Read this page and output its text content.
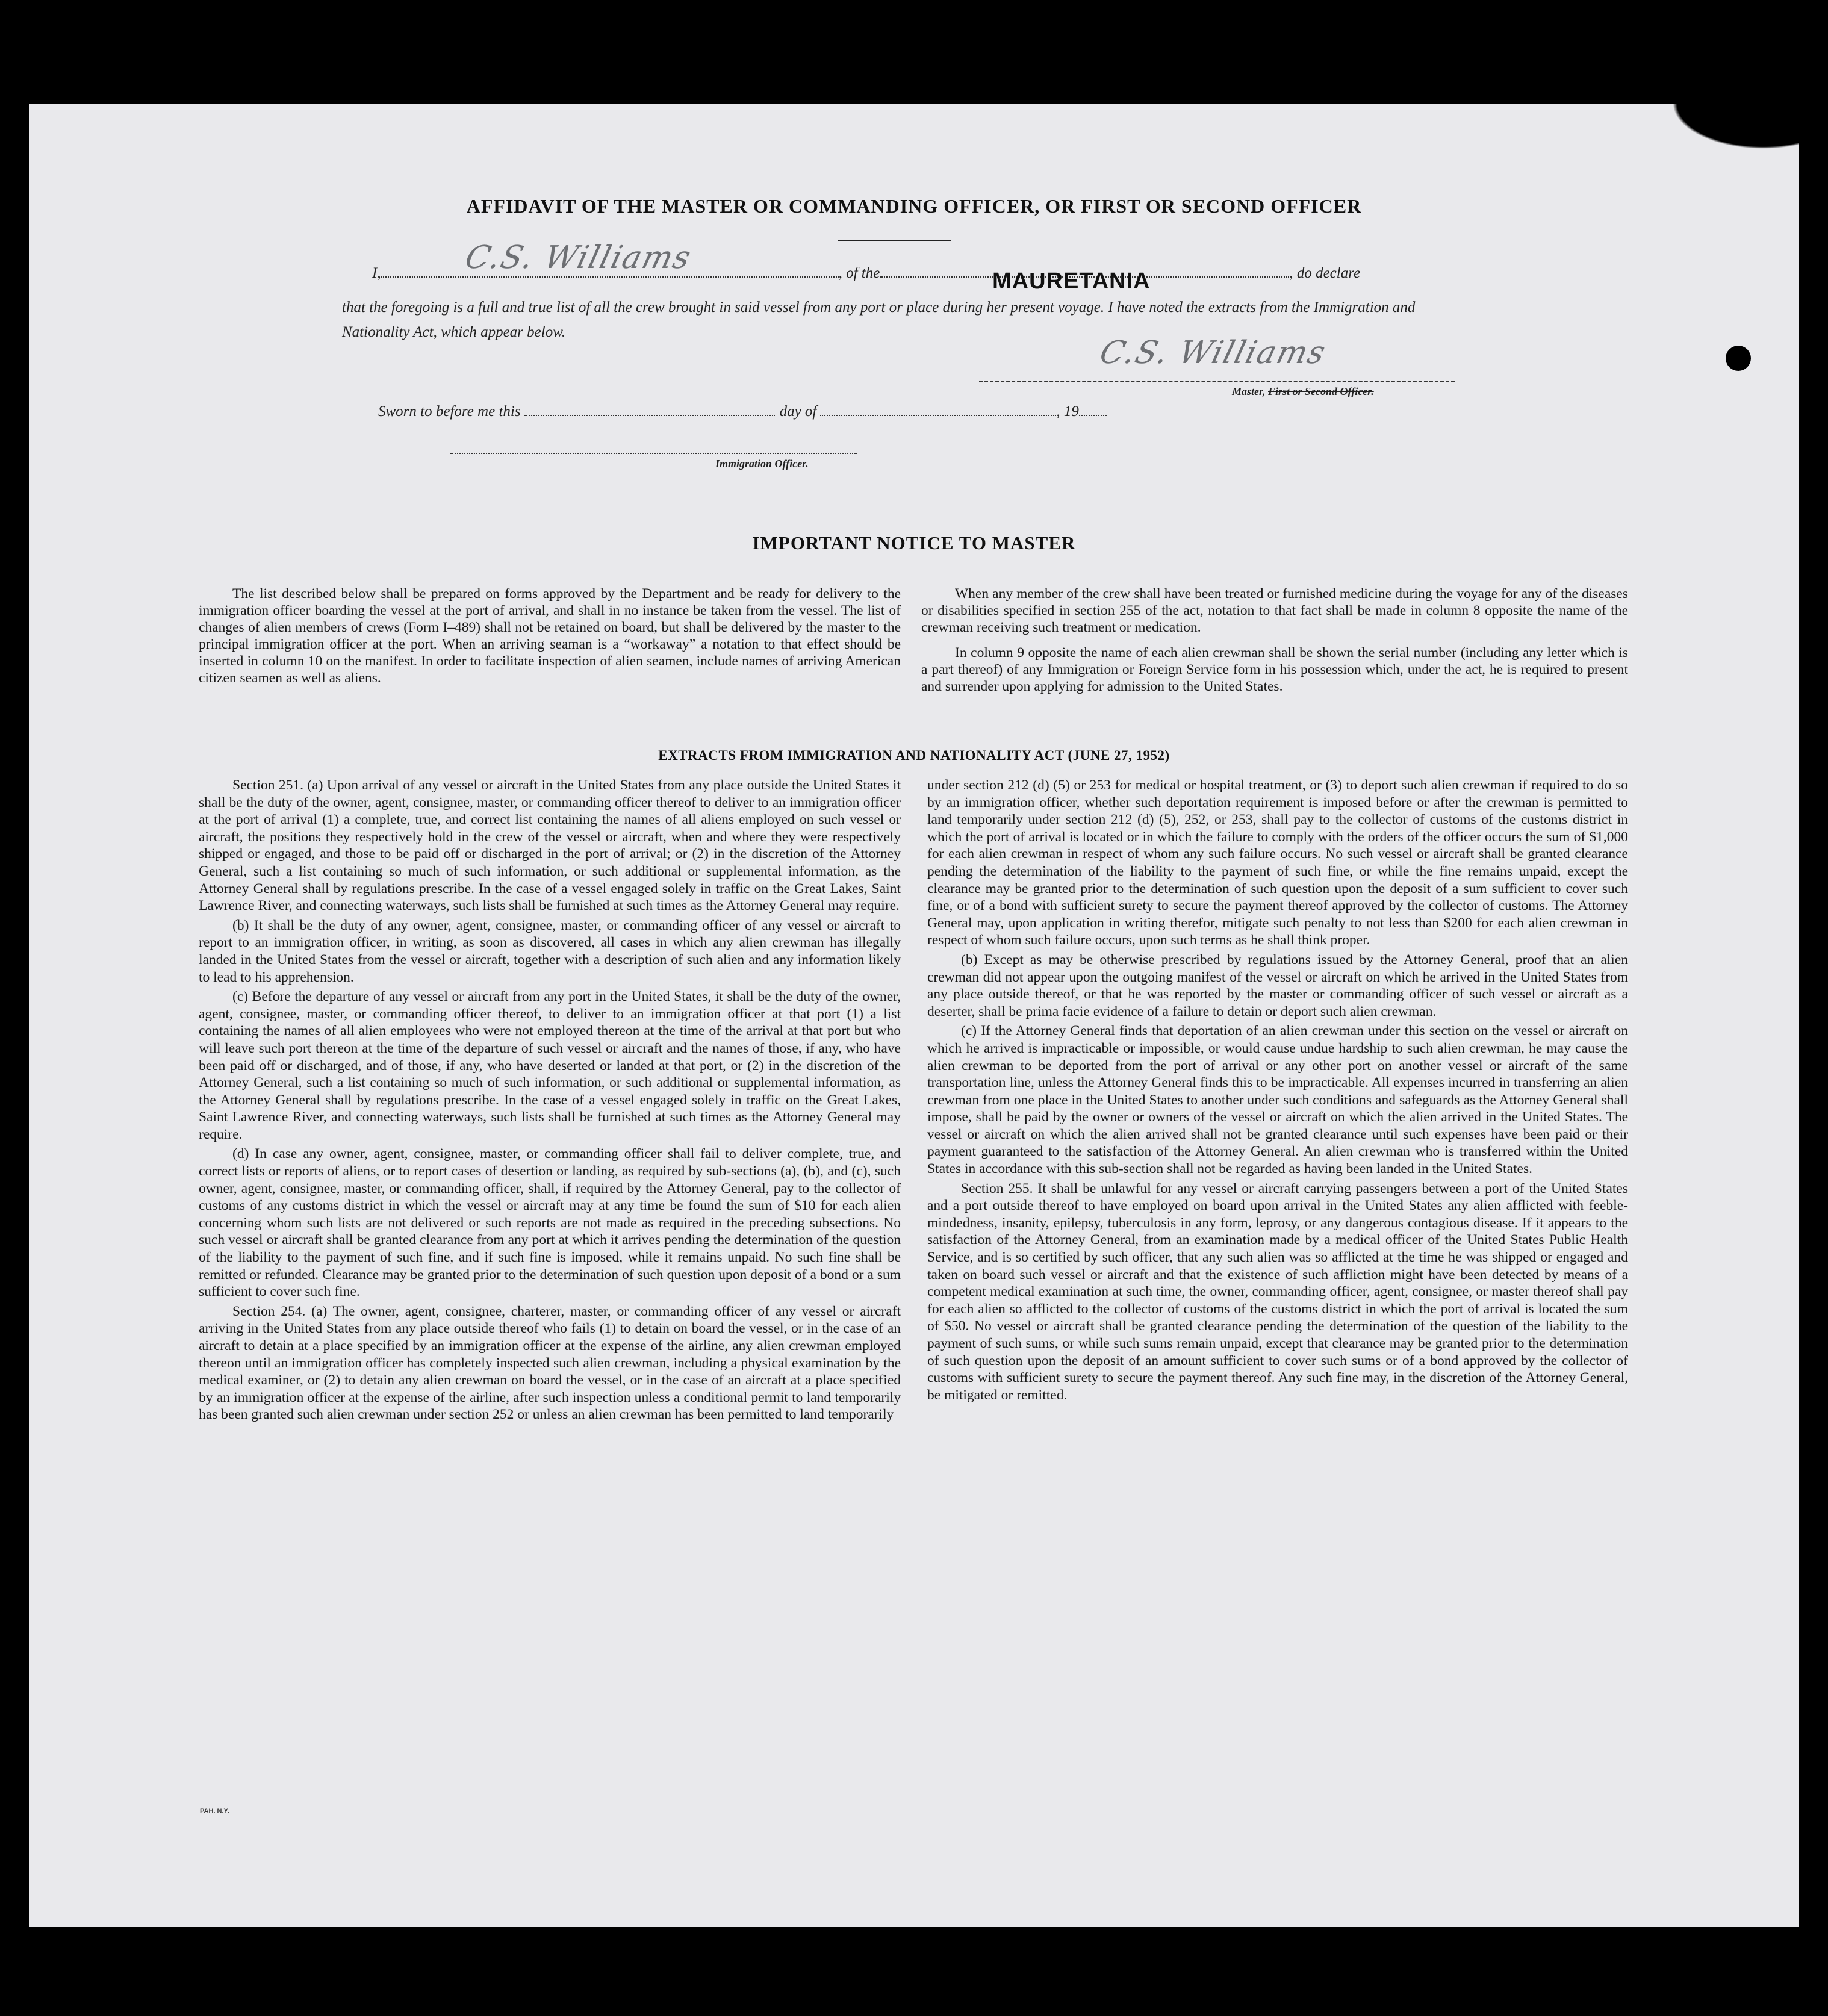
AFFIDAVIT OF THE MASTER OR COMMANDING OFFICER, OR FIRST OR SECOND OFFICER
I,	, of the	, do declare
C.S. Williams
MAURETANIA
that the foregoing is a full and true list of all the crew brought in said vessel from any port or place during her present voyage. I have noted the extracts from the Immigration and Nationality Act, which appear below.
C.S. Williams
Master, First or Second Officer.
Sworn to before me this	day of	, 19
Immigration Officer.
IMPORTANT NOTICE TO MASTER

The list described below shall be prepared on forms approved by the Department and be ready for delivery to the immigration officer boarding the vessel at the port of arrival, and shall in no instance be taken from the vessel. The list of changes of alien members of crews (Form I–489) shall not be retained on board, but shall be delivered by the master to the principal immigration officer at the port. When an arriving seaman is a “workaway” a notation to that effect should be inserted in column 10 on the manifest. In order to facilitate inspection of alien seamen, include names of arriving American citizen seamen as well as aliens.

When any member of the crew shall have been treated or furnished medicine during the voyage for any of the diseases or disabilities specified in section 255 of the act, notation to that fact shall be made in column 8 opposite the name of the crewman receiving such treatment or medication.

In column 9 opposite the name of each alien crewman shall be shown the serial number (including any letter which is a part thereof) of any Immigration or Foreign Service form in his possession which, under the act, he is required to present and surrender upon applying for admission to the United States.

EXTRACTS FROM IMMIGRATION AND NATIONALITY ACT (JUNE 27, 1952)

Section 251. (a) Upon arrival of any vessel or aircraft in the United States from any place outside the United States it shall be the duty of the owner, agent, consignee, master, or commanding officer thereof to deliver to an immigration officer at the port of arrival (1) a complete, true, and correct list containing the names of all aliens employed on such vessel or aircraft, the positions they respectively hold in the crew of the vessel or aircraft, when and where they were respectively shipped or engaged, and those to be paid off or discharged in the port of arrival; or (2) in the discretion of the Attorney General, such a list containing so much of such information, or such additional or supplemental information, as the Attorney General shall by regulations prescribe. In the case of a vessel engaged solely in traffic on the Great Lakes, Saint Lawrence River, and connecting waterways, such lists shall be furnished at such times as the Attorney General may require.

(b) It shall be the duty of any owner, agent, consignee, master, or commanding officer of any vessel or aircraft to report to an immigration officer, in writing, as soon as discovered, all cases in which any alien crewman has illegally landed in the United States from the vessel or aircraft, together with a description of such alien and any information likely to lead to his apprehension.

(c) Before the departure of any vessel or aircraft from any port in the United States, it shall be the duty of the owner, agent, consignee, master, or commanding officer thereof, to deliver to an immigration officer at that port (1) a list containing the names of all alien employees who were not employed thereon at the time of the arrival at that port but who will leave such port thereon at the time of the departure of such vessel or aircraft and the names of those, if any, who have been paid off or discharged, and of those, if any, who have deserted or landed at that port, or (2) in the discretion of the Attorney General, such a list containing so much of such information, or such additional or supplemental information, as the Attorney General shall by regulations prescribe. In the case of a vessel engaged solely in traffic on the Great Lakes, Saint Lawrence River, and connecting waterways, such lists shall be furnished at such times as the Attorney General may require.

(d) In case any owner, agent, consignee, master, or commanding officer shall fail to deliver complete, true, and correct lists or reports of aliens, or to report cases of desertion or landing, as required by sub-sections (a), (b), and (c), such owner, agent, consignee, master, or commanding officer, shall, if required by the Attorney General, pay to the collector of customs of any customs district in which the vessel or aircraft may at any time be found the sum of $10 for each alien concerning whom such lists are not delivered or such reports are not made as required in the preceding subsections. No such vessel or aircraft shall be granted clearance from any port at which it arrives pending the determination of the question of the liability to the payment of such fine, and if such fine is imposed, while it remains unpaid. No such fine shall be remitted or refunded. Clearance may be granted prior to the determination of such question upon deposit of a bond or a sum sufficient to cover such fine.

Section 254. (a) The owner, agent, consignee, charterer, master, or commanding officer of any vessel or aircraft arriving in the United States from any place outside thereof who fails (1) to detain on board the vessel, or in the case of an aircraft to detain at a place specified by an immigration officer at the expense of the airline, any alien crewman employed thereon until an immigration officer has completely inspected such alien crewman, including a physical examination by the medical examiner, or (2) to detain any alien crewman on board the vessel, or in the case of an aircraft at a place specified by an immigration officer at the expense of the airline, after such inspection unless a conditional permit to land temporarily has been granted such alien crewman under section 252 or unless an alien crewman has been permitted to land temporarily

under section 212 (d) (5) or 253 for medical or hospital treatment, or (3) to deport such alien crewman if required to do so by an immigration officer, whether such deportation requirement is imposed before or after the crewman is permitted to land temporarily under section 212 (d) (5), 252, or 253, shall pay to the collector of customs of the customs district in which the port of arrival is located or in which the failure to comply with the orders of the officer occurs the sum of $1,000 for each alien crewman in respect of whom any such failure occurs. No such vessel or aircraft shall be granted clearance pending the determination of the liability to the payment of such fine, or while the fine remains unpaid, except the clearance may be granted prior to the determination of such question upon the deposit of a sum sufficient to cover such fine, or of a bond with sufficient surety to secure the payment thereof approved by the collector of customs. The Attorney General may, upon application in writing therefor, mitigate such penalty to not less than $200 for each alien crewman in respect of whom such failure occurs, upon such terms as he shall think proper.

(b) Except as may be otherwise prescribed by regulations issued by the Attorney General, proof that an alien crewman did not appear upon the outgoing manifest of the vessel or aircraft on which he arrived in the United States from any place outside thereof, or that he was reported by the master or commanding officer of such vessel or aircraft as a deserter, shall be prima facie evidence of a failure to detain or deport such alien crewman.

(c) If the Attorney General finds that deportation of an alien crewman under this section on the vessel or aircraft on which he arrived is impracticable or impossible, or would cause undue hardship to such alien crewman, he may cause the alien crewman to be deported from the port of arrival or any other port on another vessel or aircraft of the same transportation line, unless the Attorney General finds this to be impracticable. All expenses incurred in transferring an alien crewman from one place in the United States to another under such conditions and safeguards as the Attorney General shall impose, shall be paid by the owner or owners of the vessel or aircraft on which the alien arrived in the United States. The vessel or aircraft on which the alien arrived shall not be granted clearance until such expenses have been paid or their payment guaranteed to the satisfaction of the Attorney General. An alien crewman who is transferred within the United States in accordance with this sub-section shall not be regarded as having been landed in the United States.

Section 255. It shall be unlawful for any vessel or aircraft carrying passengers between a port of the United States and a port outside thereof to have employed on board upon arrival in the United States any alien afflicted with feeble-mindedness, insanity, epilepsy, tuberculosis in any form, leprosy, or any dangerous contagious disease. If it appears to the satisfaction of the Attorney General, from an examination made by a medical officer of the United States Public Health Service, and is so certified by such officer, that any such alien was so afflicted at the time he was shipped or engaged and taken on board such vessel or aircraft and that the existence of such affliction might have been detected by means of a competent medical examination at such time, the owner, commanding officer, agent, consignee, or master thereof shall pay for each alien so afflicted to the collector of customs of the customs district in which the port of arrival is located the sum of $50. No vessel or aircraft shall be granted clearance pending the determination of the question of the liability to the payment of such sums, or while such sums remain unpaid, except that clearance may be granted prior to the determination of such question upon the deposit of an amount sufficient to cover such sums or of a bond approved by the collector of customs with sufficient surety to secure the payment thereof. Any such fine may, in the discretion of the Attorney General, be mitigated or remitted.

PAH. N.Y.
